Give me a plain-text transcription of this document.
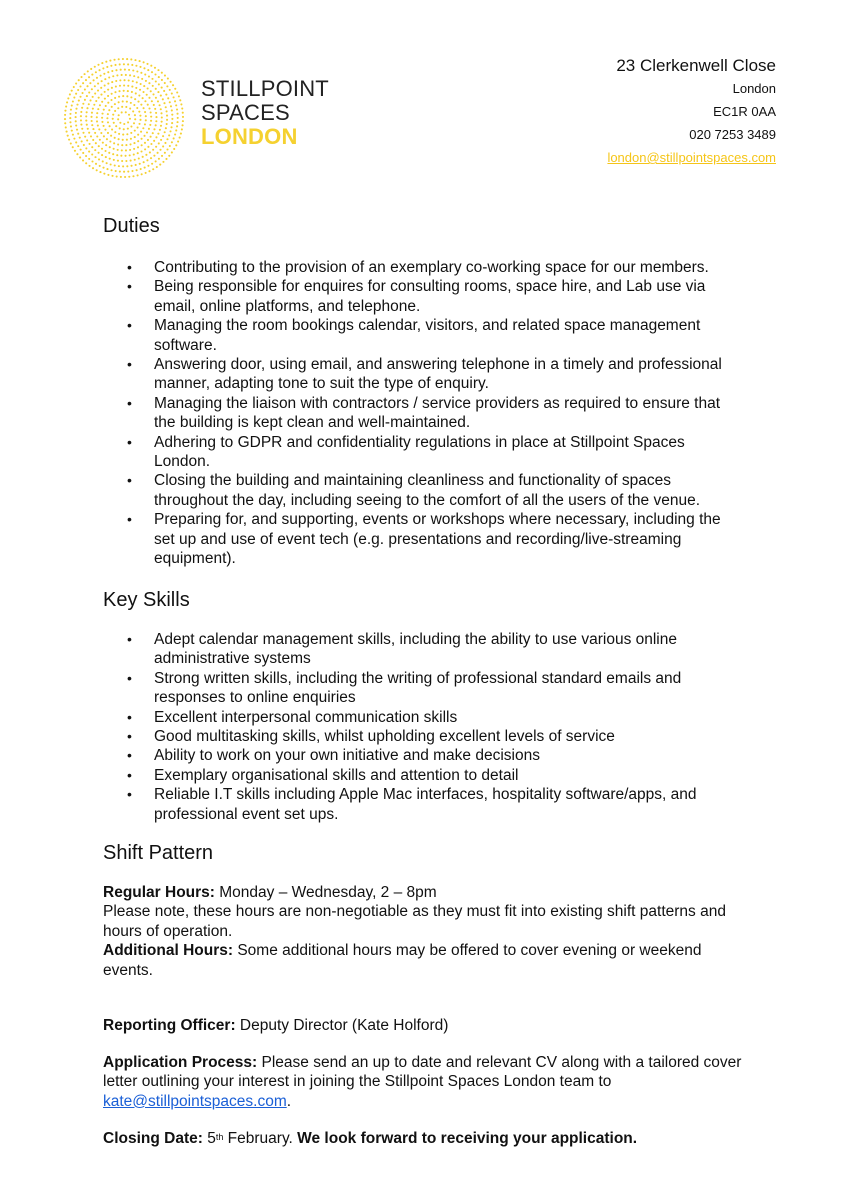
STILLPOINT
SPACES
LONDON
23 Clerkenwell Close
London
EC1R 0AA
020 7253 3489
london@stillpointspaces.com
Duties
• Contributing to the provision of an exemplary co-working space for our members.
• Being responsible for enquires for consulting rooms, space hire, and Lab use via email, online platforms, and telephone.
• Managing the room bookings calendar, visitors, and related space management software.
• Answering door, using email, and answering telephone in a timely and professional manner, adapting tone to suit the type of enquiry.
• Managing the liaison with contractors / service providers as required to ensure that the building is kept clean and well-maintained.
• Adhering to GDPR and confidentiality regulations in place at Stillpoint Spaces London.
• Closing the building and maintaining cleanliness and functionality of spaces throughout the day, including seeing to the comfort of all the users of the venue.
• Preparing for, and supporting, events or workshops where necessary, including the set up and use of event tech (e.g. presentations and recording/live-streaming equipment).
Key Skills
• Adept calendar management skills, including the ability to use various online administrative systems
• Strong written skills, including the writing of professional standard emails and responses to online enquiries
• Excellent interpersonal communication skills
• Good multitasking skills, whilst upholding excellent levels of service
• Ability to work on your own initiative and make decisions
• Exemplary organisational skills and attention to detail
• Reliable I.T skills including Apple Mac interfaces, hospitality software/apps, and professional event set ups.
Shift Pattern
Regular Hours: Monday – Wednesday, 2 – 8pm
Please note, these hours are non-negotiable as they must fit into existing shift patterns and hours of operation.
Additional Hours: Some additional hours may be offered to cover evening or weekend events.
Reporting Officer: Deputy Director (Kate Holford)
Application Process: Please send an up to date and relevant CV along with a tailored cover letter outlining your interest in joining the Stillpoint Spaces London team to kate@stillpointspaces.com.
Closing Date: 5th February. We look forward to receiving your application.
